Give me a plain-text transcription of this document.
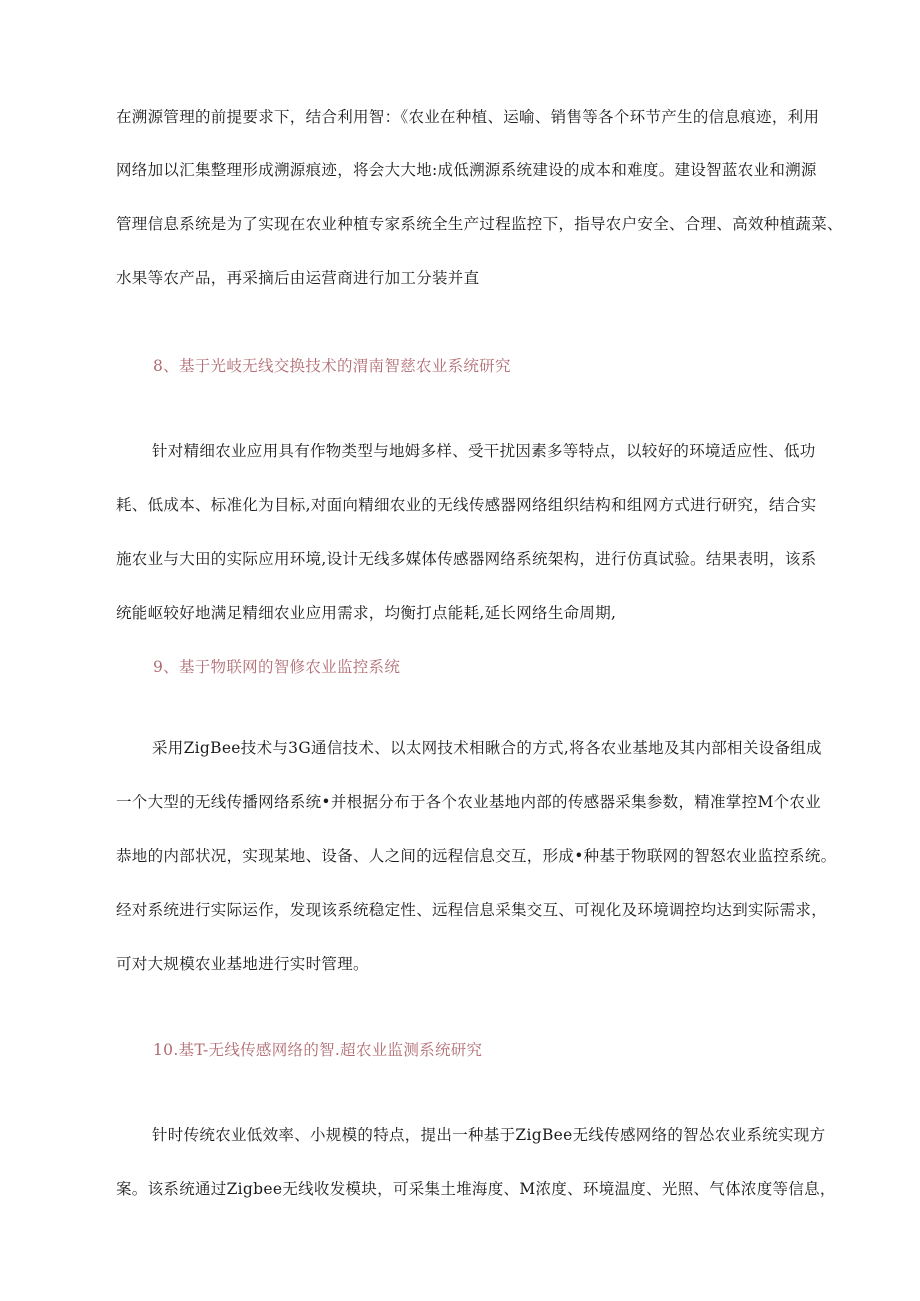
在溯源管理的前提要求下，结合利用智：《农业在种植、运喻、销售等各个环节产生的信息痕迹，利用
网络加以汇集整理形成溯源痕迹，将会大大地:成低溯源系统建设的成本和难度。建设智蓝农业和溯源
管理信息系统是为了实现在农业种植专家系统全生产过程监控下，指导农户安全、合理、高效种植蔬菜、
水果等农产品，再采摘后由运营商进行加工分装并直
8、基于光岐无线交换技术的渭南智慈农业系统研究
针对精细农业应用具有作物类型与地姆多样、受干扰因素多等特点，以较好的环境适应性、低功
耗、低成本、标准化为目标,对面向精细农业的无线传感器网络组织结构和组网方式进行研究，结合实
施农业与大田的实际应用环境,设计无线多媒体传感器网络系统架构，进行仿真试验。结果表明，该系
统能岖较好地满足精细农业应用需求，均衡打点能耗,延长网络生命周期,
9、基于物联网的智修农业监控系统
采用ZigBee技术与3G通信技术、以太网技术相瞅合的方式,将各农业基地及其内部相关设备组成
一个大型的无线传播网络系统•并根据分布于各个农业基地内部的传感器采集参数，精准掌控M个农业
恭地的内部状况，实现某地、设备、人之间的远程信息交互，形成•种基于物联网的智怒农业监控系统。
经对系统进行实际运作，发现该系统稳定性、远程信息采集交互、可视化及环境调控均达到实际需求，
可对大规模农业基地进行实时管理。
10.基T-无线传感网络的智.超农业监测系统研究
针时传统农业低效率、小规模的特点，提出一种基于ZigBee无线传感网络的智怂农业系统实现方
案。该系统通过Zigbee无线收发模块，可采集土堆海度、M浓度、环境温度、光照、气体浓度等信息，
